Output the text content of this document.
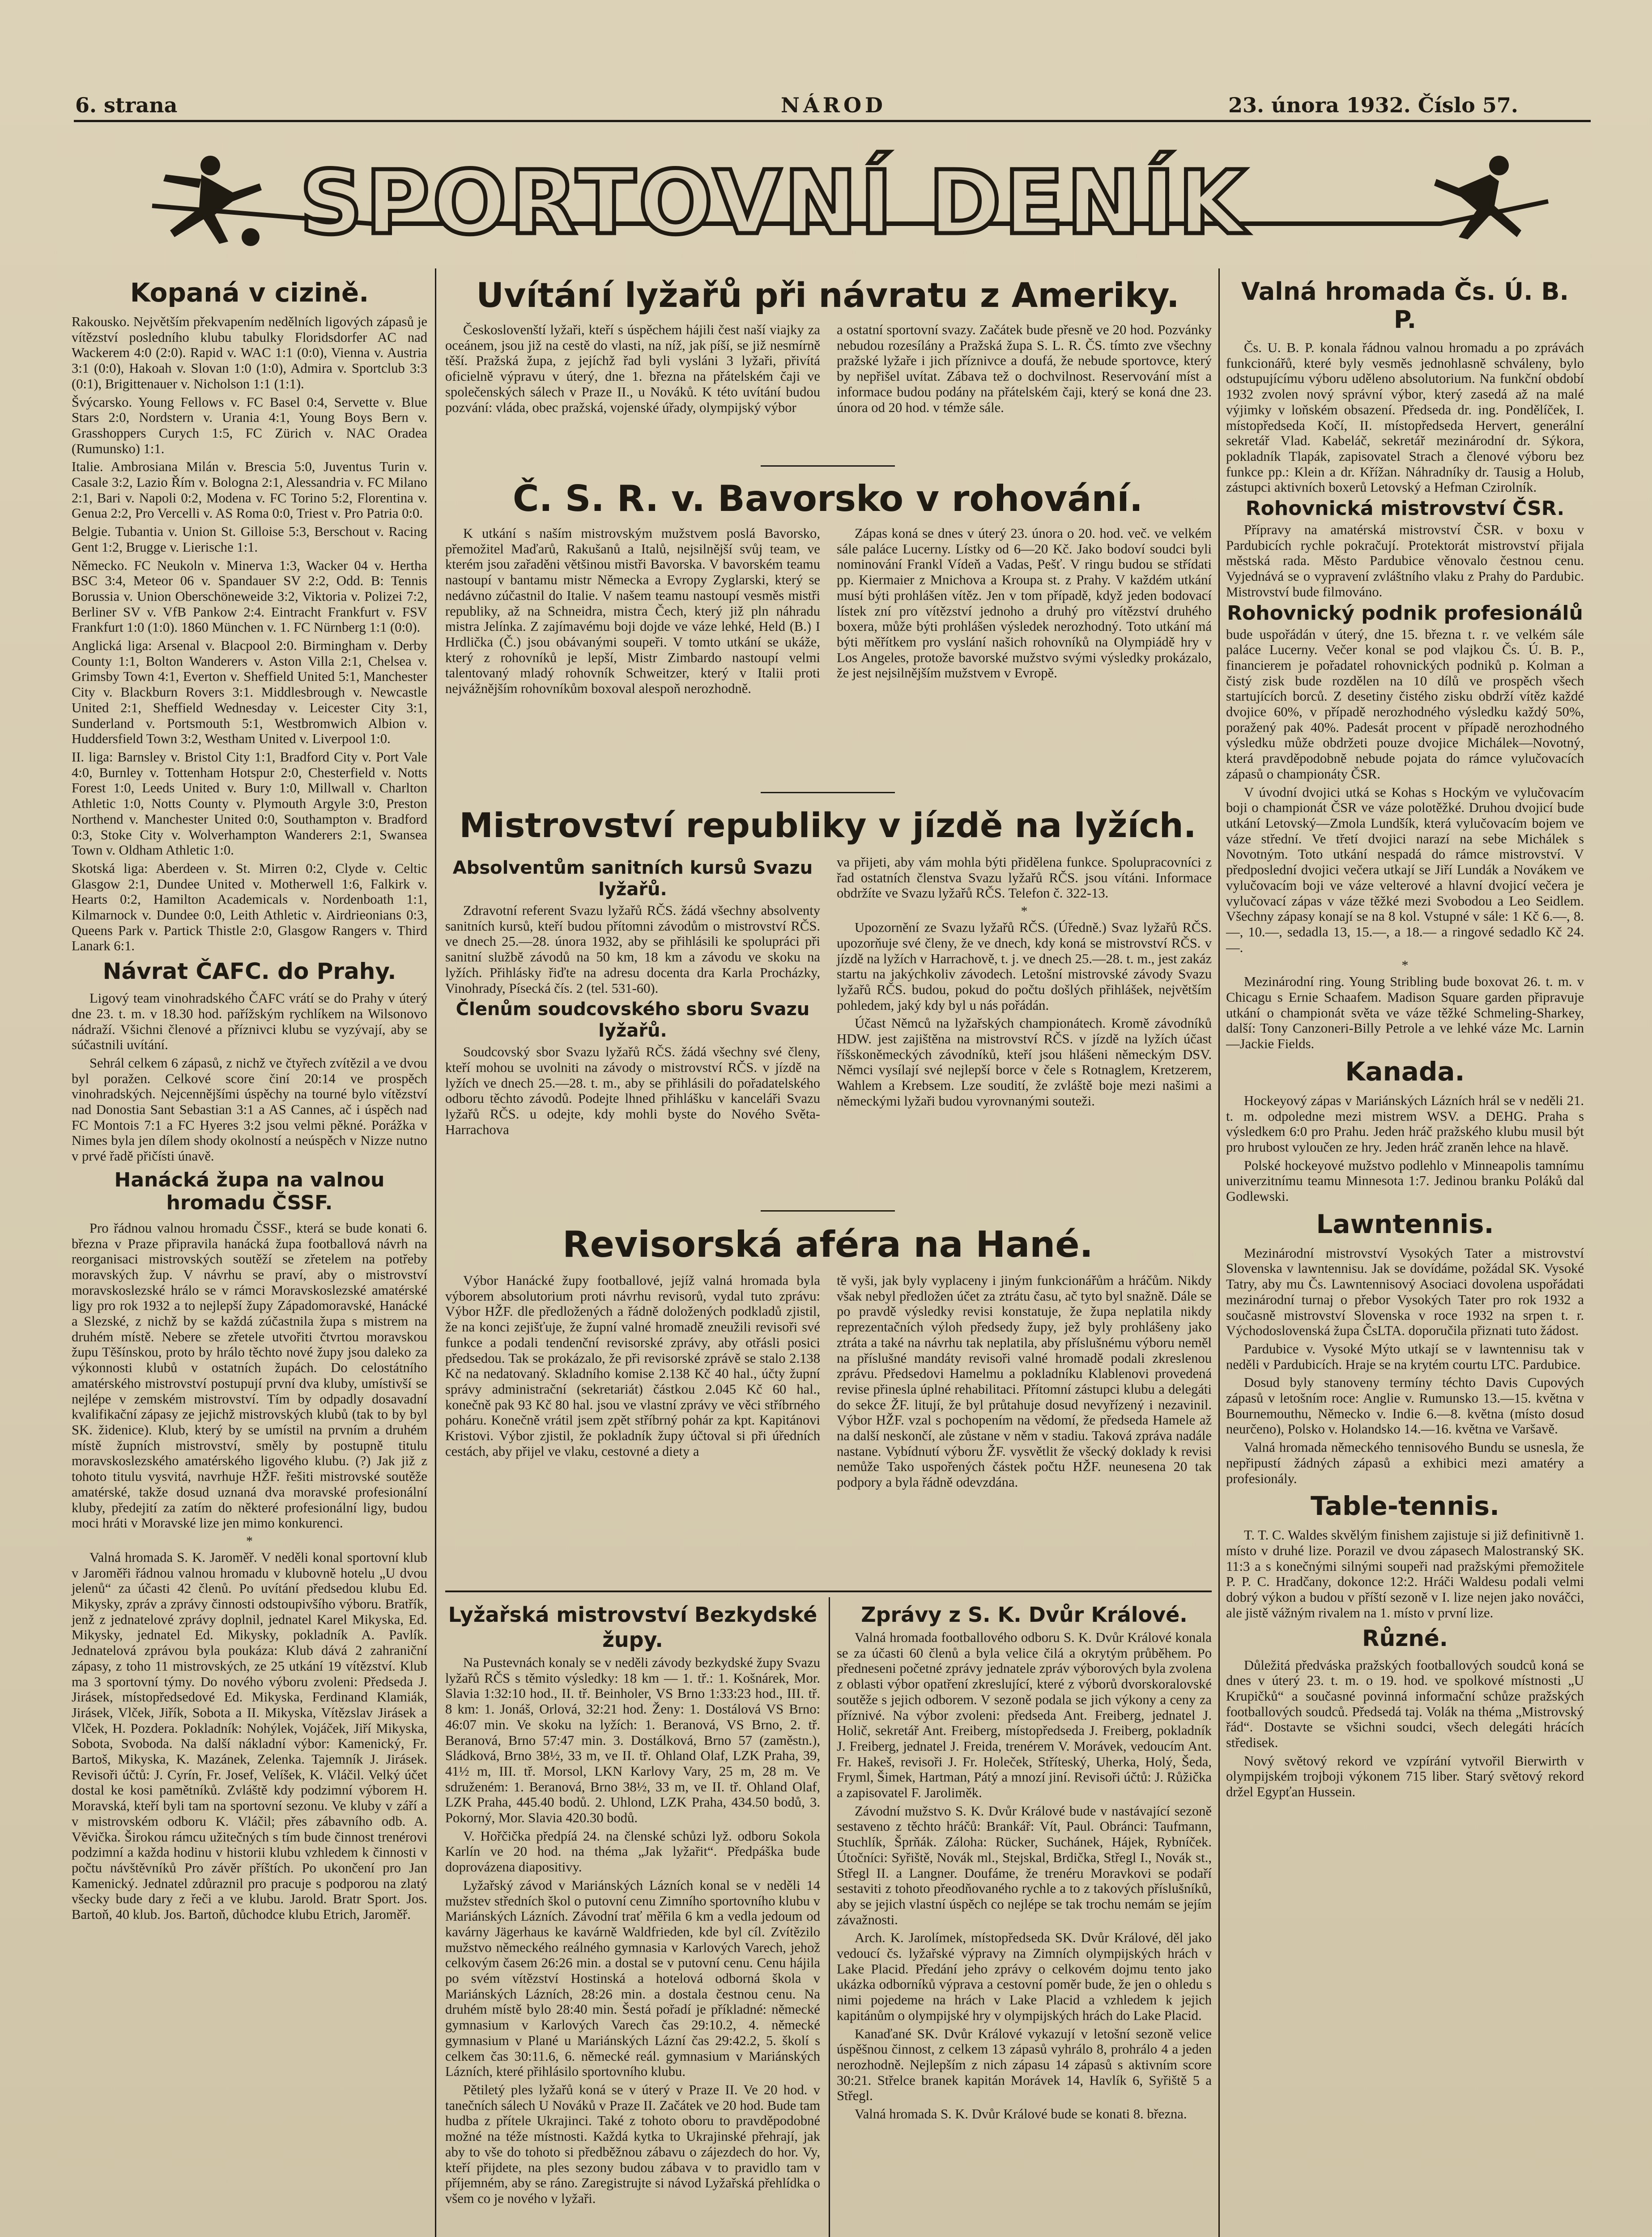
6. strana	NÁROD	23. února 1932. Číslo 57.
SPORTOVNÍ DENÍK
Kopaná v cizině.

Rakousko. Největším překvapením nedělních ligových zápasů je vítězství posledního klubu tabulky Floridsdorfer AC nad Wackerem 4:0 (2:0). Rapid v. WAC 1:1 (0:0), Vienna v. Austria 3:1 (0:0), Hakoah v. Slovan 1:0 (1:0), Admira v. Sportclub 3:3 (0:1), Brigittenauer v. Nicholson 1:1 (1:1).

Švýcarsko. Young Fellows v. FC Basel 0:4, Servette v. Blue Stars 2:0, Nordstern v. Urania 4:1, Young Boys Bern v. Grasshoppers Curych 1:5, FC Zürich v. NAC Oradea (Rumunsko) 1:1.

Italie. Ambrosiana Milán v. Brescia 5:0, Juventus Turin v. Casale 3:2, Lazio Řím v. Bologna 2:1, Alessandria v. FC Milano 2:1, Bari v. Napoli 0:2, Modena v. FC Torino 5:2, Florentina v. Genua 2:2, Pro Vercelli v. AS Roma 0:0, Triest v. Pro Patria 0:0.

Belgie. Tubantia v. Union St. Gilloise 5:3, Berschout v. Racing Gent 1:2, Brugge v. Lierische 1:1.

Německo. FC Neukoln v. Minerva 1:3, Wacker 04 v. Hertha BSC 3:4, Meteor 06 v. Spandauer SV 2:2, Odd. B: Tennis Borussia v. Union Oberschöneweide 3:2, Viktoria v. Polizei 7:2, Berliner SV v. VfB Pankow 2:4. Eintracht Frankfurt v. FSV Frankfurt 1:0 (1:0). 1860 München v. 1. FC Nürnberg 1:1 (0:0).

Anglická liga: Arsenal v. Blacpool 2:0. Birmingham v. Derby County 1:1, Bolton Wanderers v. Aston Villa 2:1, Chelsea v. Grimsby Town 4:1, Everton v. Sheffield United 5:1, Manchester City v. Blackburn Rovers 3:1. Middlesbrough v. Newcastle United 2:1, Sheffield Wednesday v. Leicester City 3:1, Sunderland v. Portsmouth 5:1, Westbromwich Albion v. Huddersfield Town 3:2, Westham United v. Liverpool 1:0.

II. liga: Barnsley v. Bristol City 1:1, Bradford City v. Port Vale 4:0, Burnley v. Tottenham Hotspur 2:0, Chesterfield v. Notts Forest 1:0, Leeds United v. Bury 1:0, Millwall v. Charlton Athletic 1:0, Notts County v. Plymouth Argyle 3:0, Preston Northend v. Manchester United 0:0, Southampton v. Bradford 0:3, Stoke City v. Wolverhampton Wanderers 2:1, Swansea Town v. Oldham Athletic 1:0.

Skotská liga: Aberdeen v. St. Mirren 0:2, Clyde v. Celtic Glasgow 2:1, Dundee United v. Motherwell 1:6, Falkirk v. Hearts 0:2, Hamilton Academicals v. Nordenboath 1:1, Kilmarnock v. Dundee 0:0, Leith Athletic v. Airdrieonians 0:3, Queens Park v. Partick Thistle 2:0, Glasgow Rangers v. Third Lanark 6:1.

Návrat ČAFC. do Prahy.

Ligový team vinohradského ČAFC vrátí se do Prahy v úterý dne 23. t. m. v 18.30 hod. pařížským rychlíkem na Wilsonovo nádraží. Všichni členové a příznivci klubu se vyzývají, aby se súčastnili uvítání.

Sehrál celkem 6 zápasů, z nichž ve čtyřech zvítězil a ve dvou byl poražen. Celkové score činí 20:14 ve prospěch vinohradských. Nejcennějšími úspěchy na tourné bylo vítězství nad Donostia Sant Sebastian 3:1 a AS Cannes, ač i úspěch nad FC Montois 7:1 a FC Hyeres 3:2 jsou velmi pěkné. Porážka v Nimes byla jen dílem shody okolností a neúspěch v Nizze nutno v prvé řadě přičísti únavě.

Hanácká župa na valnou hromadu ČSSF.

Pro řádnou valnou hromadu ČSSF., která se bude konati 6. března v Praze připravila hanácká župa footballová návrh na reorganisaci mistrovských soutěží se zřetelem na potřeby moravských žup. V návrhu se praví, aby o mistrovství moravskoslezské hrálo se v rámci Moravskoslezské amatérské ligy pro rok 1932 a to nejlepší župy Západomoravské, Hanácké a Slezské, z nichž by se každá zúčastnila župa s mistrem na druhém místě. Nebere se zřetele utvořiti čtvrtou moravskou župu Těšínskou, proto by hrálo těchto nové župy jsou daleko za výkonnosti klubů v ostatních župách. Do celostátního amatérského mistrovství postupují první dva kluby, umístivší se nejlépe v zemském mistrovství. Tím by odpadly dosavadní kvalifikační zápasy ze jejichž mistrovských klubů (tak to by byl SK. židenice). Klub, který by se umístil na prvním a druhém místě župních mistrovství, směly by postupně titulu moravskoslezského amatérského ligového klubu. (?) Jak již z tohoto titulu vysvitá, navrhuje HŽF. řešiti mistrovské soutěže amatérské, takže dosud uznaná dva moravské profesionální kluby, předejití za zatím do některé profesionální ligy, budou moci hráti v Moravské lize jen mimo konkurenci.

*

Valná hromada S. K. Jaroměř. V neděli konal sportovní klub v Jaroměři řádnou valnou hromadu v klubovně hotelu „U dvou jelenů“ za účasti 42 členů. Po uvítání předsedou klubu Ed. Mikysky, zpráv a zprávy činnosti odstoupivšího výboru. Bratřík, jenž z jednatelové zprávy doplnil, jednatel Karel Mikyska, Ed. Mikysky, jednatel Ed. Mikysky, pokladník A. Pavlík. Jednatelová zprávou byla poukáza: Klub dává 2 zahraniční zápasy, z toho 11 mistrovských, ze 25 utkání 19 vítězství. Klub ma 3 sportovní týmy. Do nového výboru zvoleni: Předseda J. Jirásek, místopředsedové Ed. Mikyska, Ferdinand Klamiák, Jirásek, Vlček, Jiřík, Sobota a II. Mikyska, Vítězslav Jirásek a Vlček, H. Pozdera. Pokladník: Nohýlek, Vojáček, Jiří Mikyska, Sobota, Svoboda. Na další nákladní výbor: Kamenický, Fr. Bartoš, Mikyska, K. Mazánek, Zelenka. Tajemník J. Jirásek. Revisoři účtů: J. Cyrín, Fr. Josef, Velíšek, K. Vláčil. Velký účet dostal ke kosi pamětníků. Zvláště kdy podzimní výborem H. Moravská, kteří byli tam na sportovní sezonu. Ve kluby v září a v mistrovském odboru K. Vláčil; přes zábavního odb. A. Věvička. Širokou rámcu užitečných s tím bude činnost trenérovi podzimní a každa hodinu v historii klubu vzhledem k činnosti v počtu návštěvníků Pro závěr příštích. Po ukončení pro Jan Kamenický. Jednatel zdůraznil pro pracuje s podporou na zlatý všecky bude dary z řeči a ve klubu. Jarold. Bratr Sport. Jos. Bartoň, 40 klub. Jos. Bartoň, důchodce klubu Etrich, Jaroměř.

Uvítání lyžařů při návratu z Ameriky.

Českoslovenští lyžaři, kteří s úspěchem hájili čest naší viajky za oceánem, jsou již na cestě do vlasti, na níž, jak píší, se již nesmírně těší. Pražská župa, z jejíchž řad byli vysláni 3 lyžaři, přivítá oficielně výpravu v úterý, dne 1. března na přátelském čaji ve společenských sálech v Praze II., u Nováků. K této uvítání budou pozvání: vláda, obec pražská, vojenské úřady, olympijský výbor

a ostatní sportovní svazy. Začátek bude přesně ve 20 hod. Pozvánky nebudou rozesílány a Pražská župa S. L. R. ČS. tímto zve všechny pražské lyžaře i jich příznivce a doufá, že nebude sportovce, který by nepřišel uvítat. Zábava tež o dochvilnost. Reservování míst a informace budou podány na přátelském čaji, který se koná dne 23. února od 20 hod. v témže sále.

Č. S. R. v. Bavorsko v rohování.

K utkání s naším mistrovským mužstvem poslá Bavorsko, přemožitel Maďarů, Rakušanů a Italů, nejsilnější svůj team, ve kterém jsou zařaděni většinou mistři Bavorska. V bavorském teamu nastoupí v bantamu mistr Německa a Evropy Zyglarski, který se nedávno zúčastnil do Italie. V našem teamu nastoupí vesměs mistři republiky, až na Schneidra, mistra Čech, který již pln náhradu mistra Jelínka. Z zajímavému boji dojde ve váze lehké, Held (B.) I Hrdlička (Č.) jsou obávanými soupeři. V tomto utkání se ukáže, který z rohovníků je lepší, Mistr Zimbardo nastoupí velmi talentovaný mladý rohovník Schweitzer, který v Italii proti nejvážnějším rohovníkům boxoval alespoň nerozhodně.

Zápas koná se dnes v úterý 23. února o 20. hod. več. ve velkém sále paláce Lucerny. Lístky od 6—20 Kč. Jako bodoví soudci byli nominování Frankl Vídeň a Vadas, Pešť. V ringu budou se střídati pp. Kiermaier z Mnichova a Kroupa st. z Prahy. V každém utkání musí býti prohlášen vítěz. Jen v tom případě, když jeden bodovací lístek zní pro vítězství jednoho a druhý pro vítězství druhého boxera, může býti prohlášen výsledek nerozhodný. Toto utkání má býti měřítkem pro vyslání našich rohovníků na Olympiádě hry v Los Angeles, protože bavorské mužstvo svými výsledky prokázalo, že jest nejsilnějším mužstvem v Evropě.

Mistrovství republiky v jízdě na lyžích.
Absolventům sanitních kursů Svazu lyžařů.

Zdravotní referent Svazu lyžařů RČS. žádá všechny absolventy sanitních kursů, kteří budou přítomni závodům o mistrovství RČS. ve dnech 25.—28. února 1932, aby se přihlásili ke spolupráci při sanitní službě závodů na 50 km, 18 km a závodu ve skoku na lyžích. Přihlásky řiďte na adresu docenta dra Karla Procházky, Vinohrady, Písecká čís. 2 (tel. 531-60).

Členům soudcovského sboru Svazu lyžařů.

Soudcovský sbor Svazu lyžařů RČS. žádá všechny své členy, kteří mohou se uvolniti na závody o mistrovství RČS. v jízdě na lyžích ve dnech 25.—28. t. m., aby se přihlásili do pořadatelského odboru těchto závodů. Podejte lhned přihlášku v kanceláři Svazu lyžařů RČS. u odejte, kdy mohli byste do Nového Světa-Harrachova

va přijeti, aby vám mohla býti přidělena funkce. Spolupracovníci z řad ostatních členstva Svazu lyžařů RČS. jsou vítáni. Informace obdržíte ve Svazu lyžařů RČS. Telefon č. 322-13.

*

Upozornění ze Svazu lyžařů RČS. (Úředně.) Svaz lyžařů RČS. upozorňuje své členy, že ve dnech, kdy koná se mistrovství RČS. v jízdě na lyžích v Harrachově, t. j. ve dnech 25.—28. t. m., jest zakáz startu na jakýchkoliv závodech. Letošní mistrovské závody Svazu lyžařů RČS. budou, pokud do počtu došlých přihlášek, největším pohledem, jaký kdy byl u nás pořádán.

Účast Němců na lyžařských championátech. Kromě závodníků HDW. jest zajištěna na mistrovství RČS. v jízdě na lyžích účast říšskoněmeckých závodníků, kteří jsou hlášeni německým DSV. Němci vysílají své nejlepší borce v čele s Rotnaglem, Kretzerem, Wahlem a Krebsem. Lze soudití, že zvláště boje mezi našimi a německými lyžaři budou vyrovnanými souteži.

Revisorská aféra na Hané.

Výbor Hanácké župy footballové, jejíž valná hromada byla výborem absolutorium proti návrhu revisorů, vydal tuto zprávu: Výbor HŽF. dle předložených a řádně doložených podkladů zjistil, že na konci zejišťuje, že župní valné hromadě zneužili revisoři své funkce a podali tendenční revisorské zprávy, aby otřásli posici předsedou. Tak se prokázalo, že při revisorské zprávě se stalo 2.138 Kč na nedatovaný. Skladního komise 2.138 Kč 40 hal., účty župní správy administrační (sekretariát) částkou 2.045 Kč 60 hal., konečně pak 93 Kč 80 hal. jsou ve vlastní zprávy ve věci stříbrného poháru. Konečně vrátil jsem zpět stříbrný pohár za kpt. Kapitánovi Kristovi. Výbor zjistil, že pokladník župy účtoval si při úředních cestách, aby přijel ve vlaku, cestovné a diety a

tě vyši, jak byly vyplaceny i jiným funkcionářům a hráčům. Nikdy však nebyl předložen účet za ztrátu času, ač tyto byl snažně. Dále se po pravdě výsledky revisi konstatuje, že župa neplatila nikdy reprezentačních výloh předsedy župy, jež byly prohlášeny jako ztráta a také na návrhu tak neplatila, aby příslušnému výboru neměl na příslušné mandáty revisoři valné hromadě podali zkreslenou zprávu. Předsedovi Hamelmu a pokladníku Klablenovi provedená revise přinesla úplné rehabilitaci. Přítomní zástupci klubu a delegáti do sekce ŽF. litují, že byl průtahuje dosud nevyřízený i nezavinil. Výbor HŽF. vzal s pochopením na vědomí, že předseda Hamele až na další neskončí, ale zůstane v něm v stadiu. Taková zpráva nadále nastane. Vybídnutí výboru ŽF. vysvětlit že všecký doklady k revisi nemůže Tako uspořených částek počtu HŽF. neunesena 20 tak podpory a byla řádně odevzdána.

Lyžařská mistrovství Bezkydské župy.

Na Pustevnách konaly se v neděli závody bezkydské župy Svazu lyžařů RČS s těmito výsledky: 18 km — 1. tř.: 1. Košnárek, Mor. Slavia 1:32:10 hod., II. tř. Beinholer, VS Brno 1:33:23 hod., III. tř. 8 km: 1. Jonáš, Orlová, 32:21 hod. Ženy: 1. Dostálová VS Brno: 46:07 min. Ve skoku na lyžích: 1. Beranová, VS Brno, 2. tř. Beranová, Brno 57:47 min. 3. Dostálková, Brno 57 (zaměstn.), Sládková, Brno 38½, 33 m, ve II. tř. Ohland Olaf, LZK Praha, 39, 41½ m, III. tř. Morsol, LKN Karlovy Vary, 25 m, 28 m. Ve sdruženém: 1. Beranová, Brno 38½, 33 m, ve II. tř. Ohland Olaf, LZK Praha, 445.40 bodů. 2. Uhlond, LZK Praha, 434.50 bodů, 3. Pokorný, Mor. Slavia 420.30 bodů.

V. Hořčička předpíá 24. na členské schůzi lyž. odboru Sokola Karlín ve 20 hod. na théma „Jak lyžařit“. Předpáška bude doprovázena diapositivy.

Lyžařský závod v Mariánských Lázních konal se v neděli 14 mužstev středních škol o putovní cenu Zimního sportovního klubu v Mariánských Lázních. Závodní trať měřila 6 km a vedla jedoum od kavárny Jägerhaus ke kavárně Waldfrieden, kde byl cíl. Zvítězilo mužstvo německého reálného gymnasia v Karlových Varech, jehož celkovým časem 26:26 min. a dostal se v putovní cenu. Cenu hájila po svém vítězství Hostinská a hotelová odborná škola v Mariánských Lázních, 28:26 min. a dostala čestnou cenu. Na druhém místě bylo 28:40 min. Šestá pořadí je příkladné: německé gymnasium v Karlových Varech čas 29:10.2, 4. německé gymnasium v Plané u Mariánských Lázní čas 29:42.2, 5. školí s celkem čas 30:11.6, 6. německé reál. gymnasium v Mariánských Lázních, které přihlásilo sportovního klubu.

Pětiletý ples lyžařů koná se v úterý v Praze II. Ve 20 hod. v tanečních sálech U Nováků v Praze II. Začátek ve 20 hod. Bude tam hudba z přítele Ukrajinci. Také z tohoto oboru to pravděpodobné možné na téže místnosti. Každá kytka to Ukrajinské přehrají, jak aby to vše do tohoto si předběžnou zábavu o zájezdech do hor. Vy, kteří přijdete, na ples sezony budou zábava v to pravidlo tam v příjemném, aby se ráno. Zaregistrujte si návod Lyžařská přehlídka o všem co je nového v lyžaři.

Zprávy z S. K. Dvůr Králové.

Valná hromada footballového odboru S. K. Dvůr Králové konala se za účasti 60 členů a byla velice čilá a okrytým průběhem. Po předneseni početné zprávy jednatele zpráv výborových byla zvolena z oblasti výbor opatření zkreslující, které z výborů dvorskoralovské soutěže s jejich odborem. V sezoně podala se jich výkony a ceny za příznivé. Na výbor zvoleni: předseda Ant. Freiberg, jednatel J. Holič, sekretář Ant. Freiberg, místopředseda J. Freiberg, pokladník J. Freiberg, jednatel J. Freida, trenérem V. Morávek, vedoucím Ant. Fr. Hakeš, revisoři J. Fr. Holeček, Stříteský, Uherka, Holý, Šeda, Fryml, Šimek, Hartman, Pátý a mnozí jiní. Revisoři účtů: J. Růžička a zapisovatel F. Jaroliměk.

Závodní mužstvo S. K. Dvůr Králové bude v nastávající sezoně sestaveno z těchto hráčů: Brankář: Vít, Paul. Obránci: Taufmann, Stuchlík, Šprňák. Záloha: Rücker, Suchánek, Hájek, Rybníček. Útočníci: Syřiště, Novák ml., Stejskal, Brdička, Střegl I., Novák st., Střegl II. a Langner. Doufáme, že trenéru Moravkovi se podaří sestaviti z tohoto přeodňovaného rychle a to z takových příslušníků, aby se jejich vlastní úspěch co nejlépe se tak trochu nemám se jejím závažnosti.

Arch. K. Jarolímek, místopředseda SK. Dvůr Králové, děl jako vedoucí čs. lyžařské výpravy na Zimních olympijských hrách v Lake Placid. Předání jeho zprávy o celkovém dojmu tento jako ukázka odborníků výprava a cestovní poměr bude, že jen o ohledu s nimi pojedeme na hrách v Lake Placid a vzhledem k jejich kapitánům o olympijské hry v olympijských hrách do Lake Placid.

Kanaďané SK. Dvůr Králové vykazují v letošní sezoně velice úspěšnou činnost, z celkem 13 zápasů vyhrálo 8, prohrálo 4 a jeden nerozhodně. Nejlepším z nich zápasu 14 zápasů s aktivním score 30:21. Střelce branek kapitán Morávek 14, Havlík 6, Syřiště 5 a Střegl.

Valná hromada S. K. Dvůr Králové bude se konati 8. března.

Valná hromada Čs. Ú. B. P.

Čs. U. B. P. konala řádnou valnou hromadu a po zprávách funkcionářů, které byly vesměs jednohlasně schváleny, bylo odstupujícímu výboru uděleno absolutorium. Na funkční období 1932 zvolen nový správní výbor, který zasedá až na malé výjimky v loňském obsazení. Předseda dr. ing. Pondělíček, I. místopředseda Kočí, II. místopředseda Hervert, generální sekretář Vlad. Kabeláč, sekretář mezinárodní dr. Sýkora, pokladník Tlapák, zapisovatel Strach a členové výboru bez funkce pp.: Klein a dr. Křížan. Náhradníky dr. Tausig a Holub, zástupci aktivních boxerů Letovský a Hefman Czirolník.

Rohovnická mistrovství ČSR.

Přípravy na amatérská mistrovství ČSR. v boxu v Pardubicích rychle pokračují. Protektorát mistrovství přijala městská rada. Město Pardubice věnovalo čestnou cenu. Vyjednává se o vypravení zvláštního vlaku z Prahy do Pardubic. Mistrovství bude filmováno.

Rohovnický podnik profesionálů

bude uspořádán v úterý, dne 15. března t. r. ve velkém sále paláce Lucerny. Večer konal se pod vlajkou Čs. Ú. B. P., financierem je pořadatel rohovnických podniků p. Kolman a čistý zisk bude rozdělen na 10 dílů ve prospěch všech startujících borců. Z desetiny čistého zisku obdrží vítěz každé dvojice 60%, v případě nerozhodného výsledku každý 50%, poražený pak 40%. Padesát procent v případě nerozhodného výsledku může obdržeti pouze dvojice Michálek—Novotný, která pravděpodobně nebude pojata do rámce vylučovacích zápasů o championáty ČSR.

V úvodní dvojici utká se Kohas s Hockým ve vylučovacím boji o championát ČSR ve váze polotěžké. Druhou dvojicí bude utkání Letovský—Zmola Lundšík, která vylučovacím bojem ve váze střední. Ve třetí dvojici narazí na sebe Michálek s Novotným. Toto utkání nespadá do rámce mistrovství. V předposlední dvojici večera utkají se Jiří Lundák a Novákem ve vylučovacím boji ve váze velterové a hlavní dvojicí večera je vylučovací zápas v váze těžké mezi Svobodou a Leo Seidlem. Všechny zápasy konají se na 8 kol. Vstupné v sále: 1 Kč 6.—, 8.—, 10.—, sedadla 13, 15.—, a 18.— a ringové sedadlo Kč 24.—.

*

Mezinárodní ring. Young Stribling bude boxovat 26. t. m. v Chicagu s Ernie Schaafem. Madison Square garden připravuje utkání o championát světa ve váze těžké Schmeling-Sharkey, další: Tony Canzoneri-Billy Petrole a ve lehké váze Mc. Larnin—Jackie Fields.

Kanada.

Hockeyový zápas v Mariánských Lázních hrál se v neděli 21. t. m. odpoledne mezi mistrem WSV. a DEHG. Praha s výsledkem 6:0 pro Prahu. Jeden hráč pražského klubu musil být pro hrubost vyloučen ze hry. Jeden hráč zraněn lehce na hlavě.

Polské hockeyové mužstvo podlehlo v Minneapolis tamnímu univerzitnímu teamu Minnesota 1:7. Jedinou branku Poláků dal Godlewski.

Lawntennis.

Mezinárodní mistrovství Vysokých Tater a mistrovství Slovenska v lawntennisu. Jak se dovídáme, požádal SK. Vysoké Tatry, aby mu Čs. Lawntennisový Asociaci dovolena uspořádati mezinárodní turnaj o přebor Vysokých Tater pro rok 1932 a současně mistrovství Slovenska v roce 1932 na srpen t. r. Východoslovenská župa ČsLTA. doporučila přiznati tuto žádost.

Pardubice v. Vysoké Mýto utkají se v lawntennisu tak v neděli v Pardubicích. Hraje se na krytém courtu LTC. Pardubice.

Dosud byly stanoveny termíny téchto Davis Cupových zápasů v letošním roce: Anglie v. Rumunsko 13.—15. května v Bournemouthu, Německo v. Indie 6.—8. května (místo dosud neurčeno), Polsko v. Holandsko 14.—16. května ve Varšavě.

Valná hromada německého tennisového Bundu se usnesla, že nepřipustí žádných zápasů a exhibici mezi amatéry a profesionály.

Table-tennis.

T. T. C. Waldes skvělým finishem zajistuje si již definitivně 1. místo v druhé lize. Porazil ve dvou zápasech Malostranský SK. 11:3 a s konečnými silnými soupeři nad pražskými přemožitele P. P. C. Hradčany, dokonce 12:2. Hráči Waldesu podali velmi dobrý výkon a budou v příští sezoně v I. lize nejen jako nováčci, ale jistě vážným rivalem na 1. místo v první lize.

Různé.

Důležitá předváska pražských footballových soudců koná se dnes v úterý 23. t. m. o 19. hod. ve spolkové místnosti „U Krupičků“ a současné povinná informační schůze pražských footballových soudců. Předsedá taj. Volák na théma „Mistrovský řád“. Dostavte se všichni soudci, všech delegáti hrácích středisek.

Nový světový rekord ve vzpírání vytvořil Bierwirth v olympijském trojboji výkonem 715 liber. Starý světový rekord držel Egypťan Hussein.
